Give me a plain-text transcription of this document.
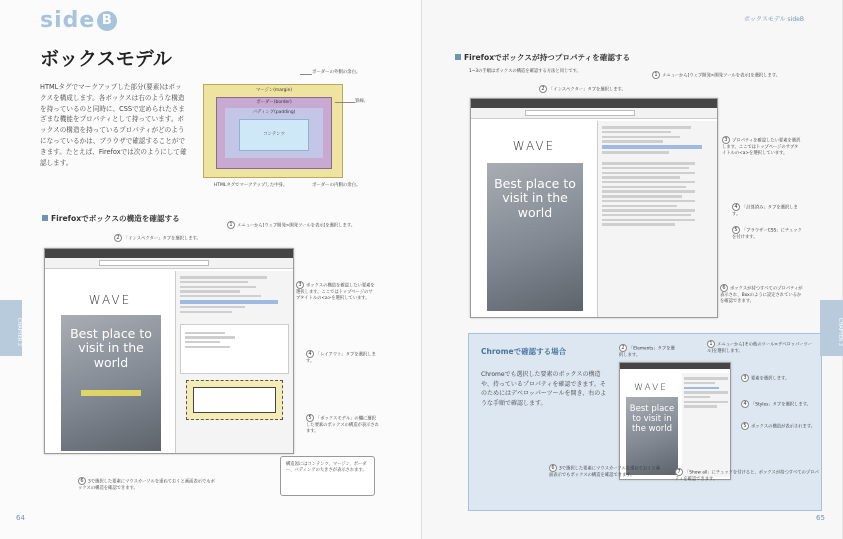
side B
ボックスモデル
HTMLタグでマークアップした部分(要素)はボックスを構成します。各ボックスは右のような構造を持っているのと同時に、CSSで定められたさまざまな機能をプロパティとして持っています。ボックスの構造を持っているプロパティがどのようになっているかは、ブラウザで確認することができます。たとえば、Firefoxでは次のようにして確認します。
マージン(margin)
ボーダー(border)
パディング(padding)
コンテンツ
ボーダーの外側の余白。
罫線。
ボーダーの内側の余白。
HTMLタグでマークアップした中身。
Firefoxでボックスの構造を確認する
1 メニューから[ウェブ開発>開発ツールを表示]を選択します。
2 「インスペクター」タブを選択します。
3 ボックスの構造を確認したい要素を選択します。ここではトップページのサブタイトルの<a>を選択しています。
4 「レイアウト」タブを選択します。
5 「ボックスモデル」の欄に選択した要素のボックスの構造が表示されます。
6 3で選択した要素にマウスカーソルを重ねておくと画面表示でもボックスの構造を確認できます。
WAVE
Best place to visit in the world
構造図にはコンテンツ、マージン、ボーダー、パディングの大きさが表示されます。
CHAPTER 2
64
ボックスモデル sideB
Firefoxでボックスが持つプロパティを確認する
1~3の手順はボックスの構造を確認する方法と同じです。
1 メニューから[ウェブ開発>開発ツールを表示]を選択します。
2 「インスペクター」タブを選択します。
3 プロパティを確認したい要素を選択します。ここではトップページのサブタイトルの<a>を選択しています。
4 「計算済み」タブを選択します。
5 「ブラウザーCSS」にチェックを付けます。
6 ボックスが持つすべてのプロパティが表示され、Boxのように設定されているかを確認できます。
WAVE
Best place to visit in the world
Chromeで確認する場合
Chromeでも選択した要素のボックスの構造や、持っているプロパティを確認できます。そのためにはデベロッパーツールを開き、右のような手順で確認します。
WAVE
Best place to visit in the world
2 「Elements」タブを選択します。
1 メニューから[その他のツール>デベロッパーツール]を選択します。
3 要素を選択します。
4 「Styles」タブを選択します。
5 ボックスの構造が表示されます。
6 3で選択した要素にマウスカーソルを重ねておくと画面表示でもボックスの構造を確認できます。
7 「Show all」にチェックを付けると、ボックスが持つすべてのプロパティを確認できます。
CHAPTER 2
65
